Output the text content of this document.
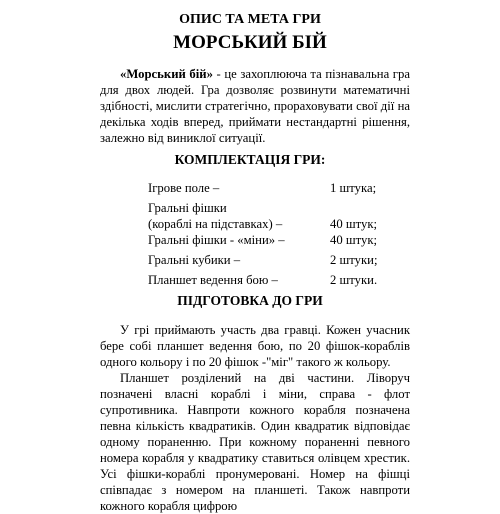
ОПИС ТА МЕТА ГРИ
МОРСЬКИЙ БІЙ
«Морський бій» - це захоплююча та пізнавальна гра для двох людей. Гра дозволяє розвинути математичні здібності, мислити стратегічно, прораховувати свої дії на декілька ходів вперед, приймати нестандартні рішення, залежно від виниклої ситуації.
КОМПЛЕКТАЦІЯ ГРИ:
Ігрове поле –	1 штука;
Гральні фішки
(кораблі на підставках) –	40 штук;
Гральні фішки - «міни» –	40 штук;
Гральні кубики –	2 штуки;
Планшет ведення бою –	2 штуки.
ПІДГОТОВКА ДО ГРИ
У грі приймають участь два гравці. Кожен учасник бере собі планшет ведення бою, по 20 фішок-кораблів одного кольору і по 20 фішок -"міг" такого ж кольору.
Планшет розділений на дві частини. Ліворуч позначені власні кораблі і міни, справа - флот супротивника. Навпроти кожного корабля позначена певна кількість квадратиків. Один квадратик відповідає одному пораненню. При кожному пораненні певного номера корабля у квадратику ставиться олівцем хрестик. Усі фішки-кораблі пронумеровані. Номер на фішці співпадає з номером на планшеті. Також навпроти кожного корабля цифрою
